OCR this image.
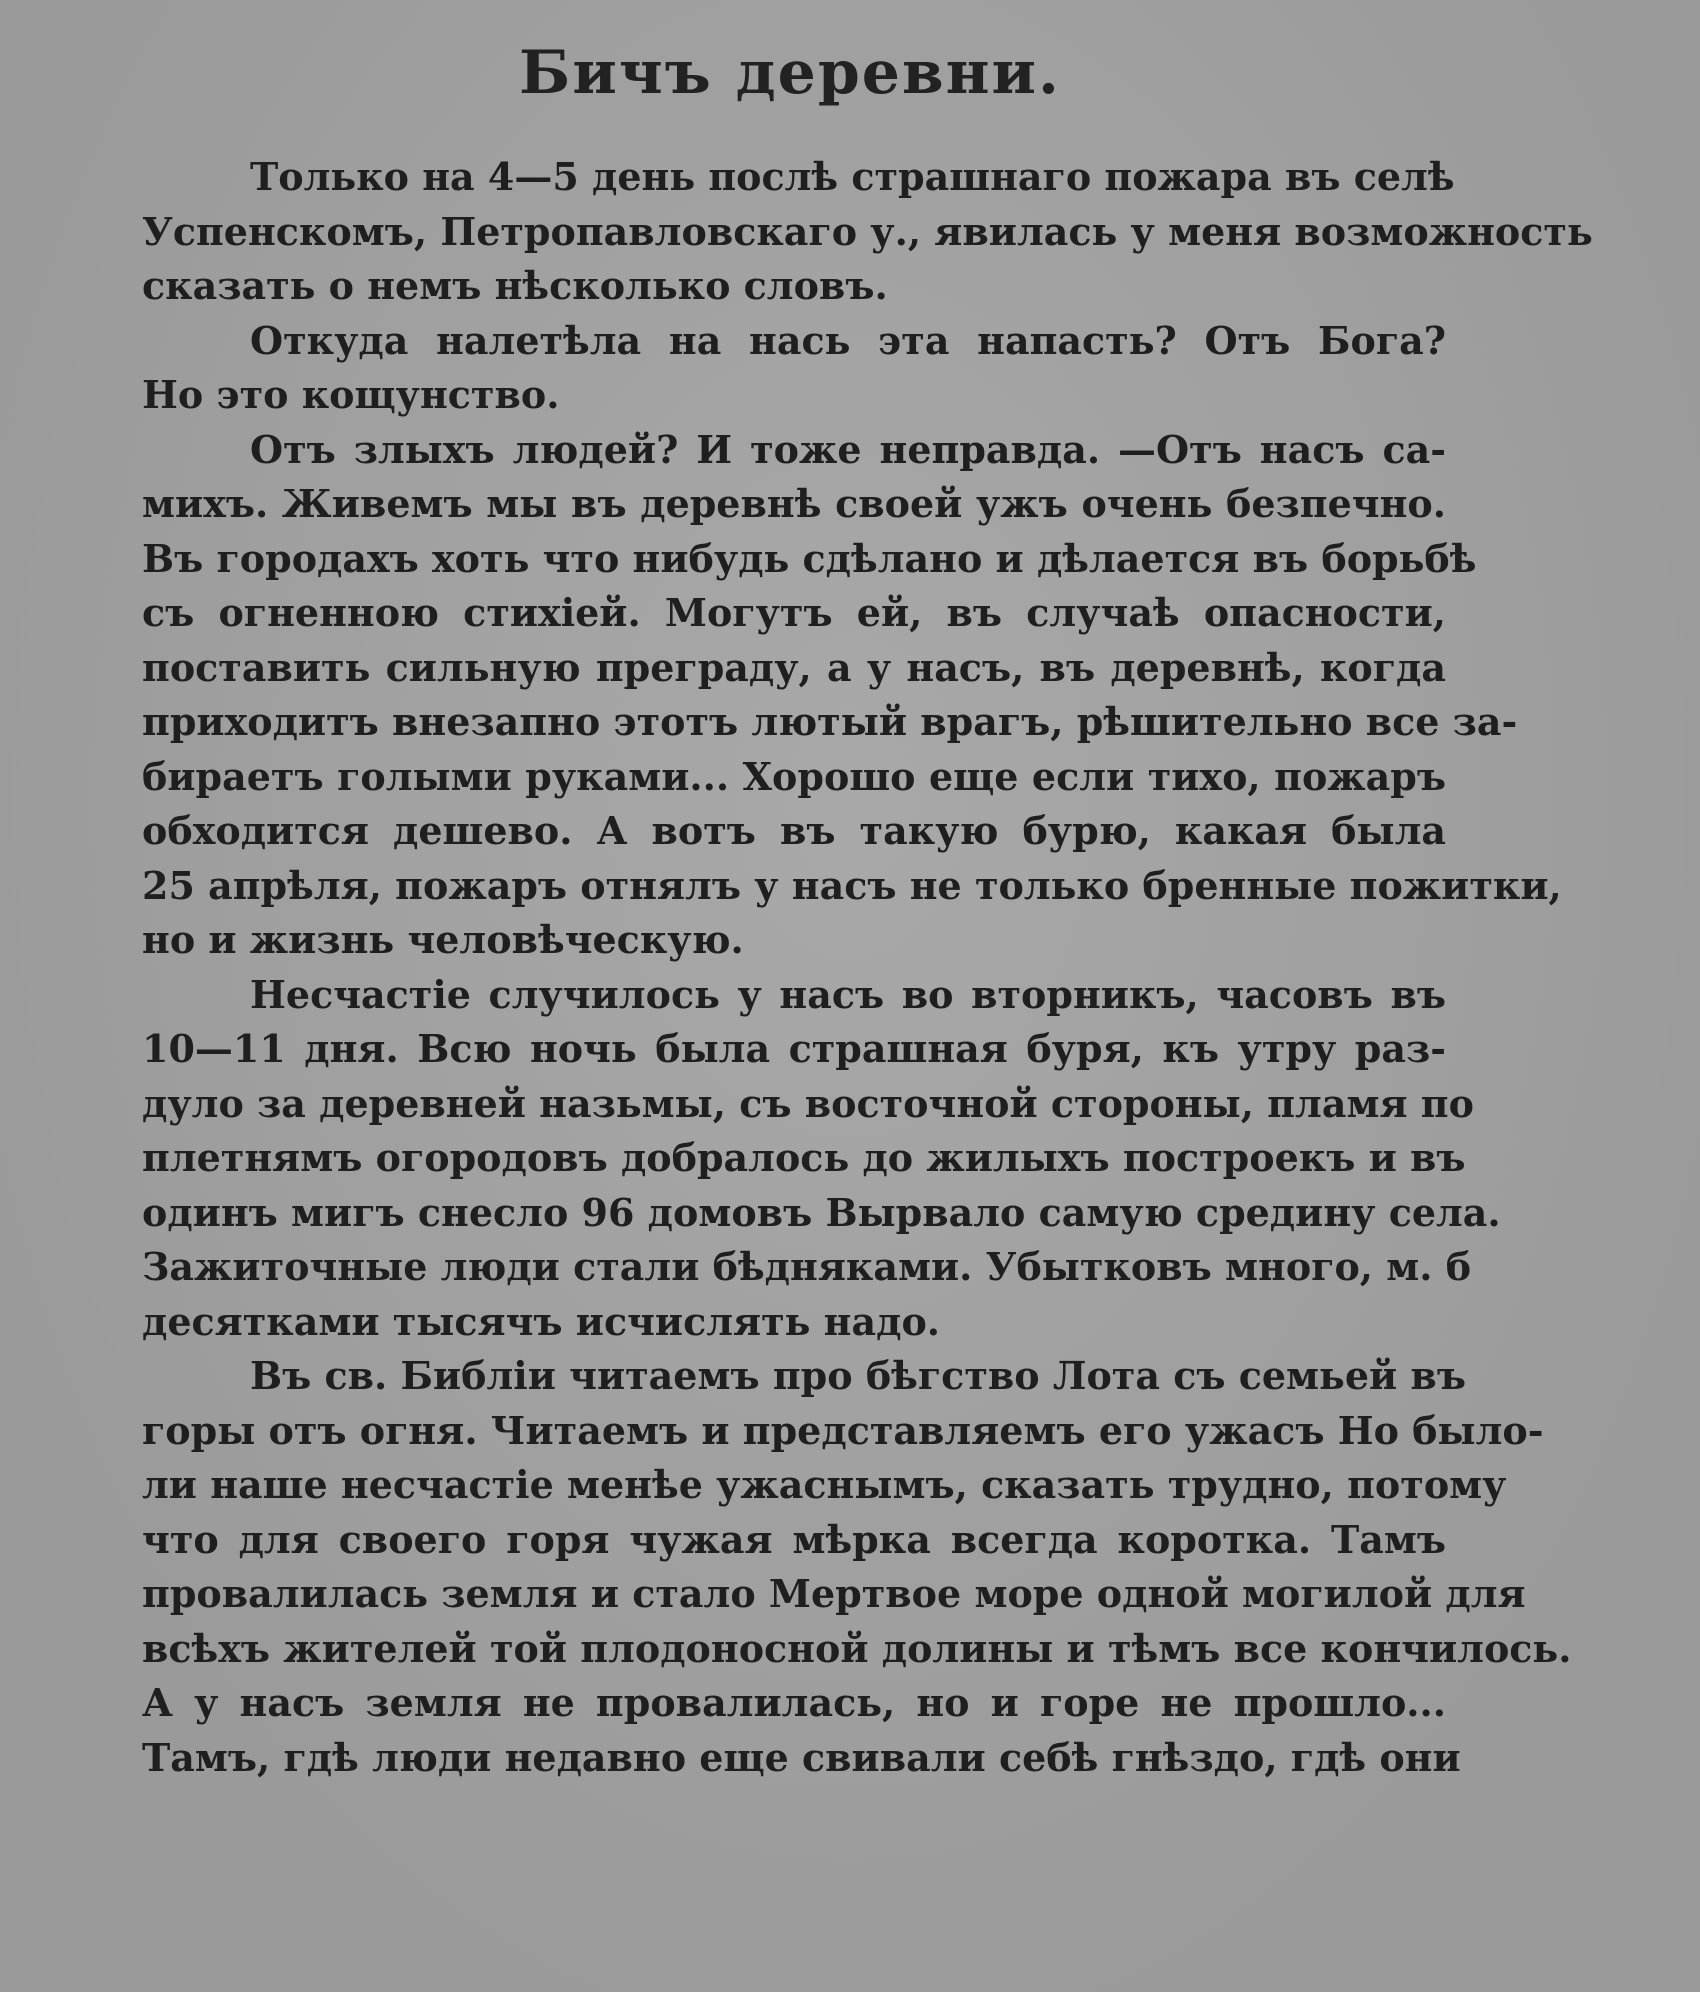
Бичъ деревни.
Только на 4—5 день послѣ страшнаго пожара въ селѣ
Успенскомъ, Петропавловскаго у., явилась у меня возможность
сказать о немъ нѣсколько словъ.
Откуда налетѣла на нась эта напасть? Отъ Бога?
Но это кощунство.
Отъ злыхъ людей? И тоже неправда. —Отъ насъ са-
михъ. Живемъ мы въ деревнѣ своей ужъ очень безпечно.
Въ городахъ хоть что нибудь сдѣлано и дѣлается въ борьбѣ
съ огненною стихіей. Могутъ ей, въ случаѣ опасности,
поставить сильную преграду, а у насъ, въ деревнѣ, когда
приходитъ внезапно этотъ лютый врагъ, рѣшительно все за-
бираетъ голыми руками... Хорошо еще если тихо, пожаръ
обходится дешево. А вотъ въ такую бурю, какая была
25 апрѣля, пожаръ отнялъ у насъ не только бренные пожитки,
но и жизнь человѣческую.
Несчастіе случилось у насъ во вторникъ, часовъ въ
10—11 дня. Всю ночь была страшная буря, къ утру раз-
дуло за деревней назьмы, съ восточной стороны, пламя по
плетнямъ огородовъ добралось до жилыхъ построекъ и въ
одинъ мигъ снесло 96 домовъ Вырвало самую средину села.
Зажиточные люди стали бѣдняками. Убытковъ много, м. б
десятками тысячъ исчислять надо.
Въ св. Библіи читаемъ про бѣгство Лота съ семьей въ
горы отъ огня. Читаемъ и представляемъ его ужасъ Но было-
ли наше несчастіе менѣе ужаснымъ, сказать трудно, потому
что для своего горя чужая мѣрка всегда коротка. Тамъ
провалилась земля и стало Мертвое море одной могилой для
всѣхъ жителей той плодоносной долины и тѣмъ все кончилось.
А у насъ земля не провалилась, но и горе не прошло...
Тамъ, гдѣ люди недавно еще свивали себѣ гнѣздо, гдѣ они
